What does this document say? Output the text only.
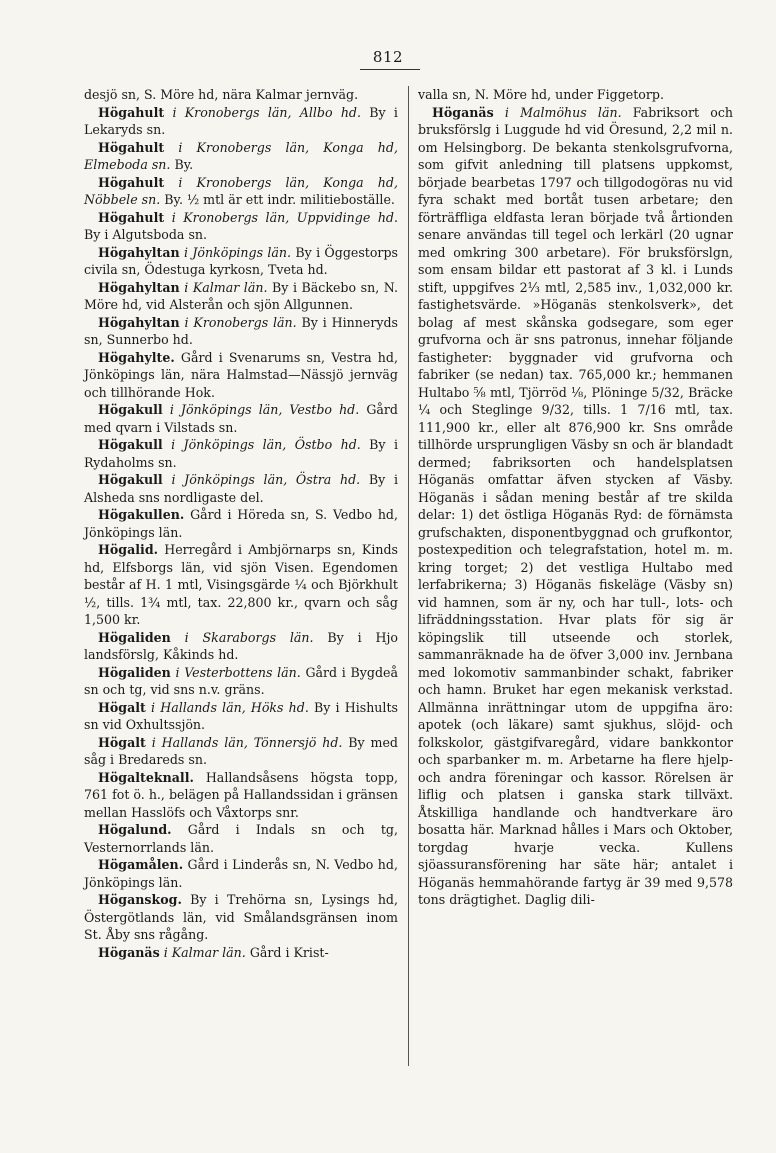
812

desjö sn, S. Möre hd, nära Kalmar jernväg.

Högahult i Kronobergs län, Allbo hd. By i Lekaryds sn.

Högahult i Kronobergs län, Konga hd, Elmeboda sn. By.

Högahult i Kronobergs län, Konga hd, Nöbbele sn. By. ½ mtl är ett indr. militieboställe.

Högahult i Kronobergs län, Uppvidinge hd. By i Algutsboda sn.

Högahyltan i Jönköpings län. By i Öggestorps civila sn, Ödestuga kyrkosn, Tveta hd.

Högahyltan i Kalmar län. By i Bäckebo sn, N. Möre hd, vid Alsterån och sjön Allgunnen.

Högahyltan i Kronobergs län. By i Hinneryds sn, Sunnerbo hd.

Högahylte. Gård i Svenarums sn, Vestra hd, Jönköpings län, nära Halmstad—Nässjö jernväg och tillhörande Hok.

Högakull i Jönköpings län, Vestbo hd. Gård med qvarn i Vilstads sn.

Högakull i Jönköpings län, Östbo hd. By i Rydaholms sn.

Högakull i Jönköpings län, Östra hd. By i Alsheda sns nordligaste del.

Högakullen. Gård i Höreda sn, S. Vedbo hd, Jönköpings län.

Högalid. Herregård i Ambjörnarps sn, Kinds hd, Elfsborgs län, vid sjön Visen. Egendomen består af H. 1 mtl, Visingsgärde ¼ och Björkhult ½, tills. 1¾ mtl, tax. 22,800 kr., qvarn och såg 1,500 kr.

Högaliden i Skaraborgs län. By i Hjo landsförslg, Kåkinds hd.

Högaliden i Vesterbottens län. Gård i Bygdeå sn och tg, vid sns n.v. gräns.

Högalt i Hallands län, Höks hd. By i Hishults sn vid Oxhultssjön.

Högalt i Hallands län, Tönnersjö hd. By med såg i Bredareds sn.

Högalteknall. Hallandsåsens högsta topp, 761 fot ö. h., belägen på Hallandssidan i gränsen mellan Hasslöfs och Våxtorps snr.

Högalund. Gård i Indals sn och tg, Vesternorrlands län.

Högamålen. Gård i Linderås sn, N. Vedbo hd, Jönköpings län.

Höganskog. By i Trehörna sn, Lysings hd, Östergötlands län, vid Smålandsgränsen inom St. Åby sns rågång.

Höganäs i Kalmar län. Gård i Krist-

valla sn, N. Möre hd, under Figgetorp.

Höganäs i Malmöhus län. Fabriksort och bruksförslg i Luggude hd vid Öresund, 2,2 mil n. om Helsingborg. De bekanta stenkolsgrufvorna, som gifvit anledning till platsens uppkomst, började bearbetas 1797 och tillgodogöras nu vid fyra schakt med bortåt tusen arbetare; den förträffliga eldfasta leran började två årtionden senare användas till tegel och lerkärl (20 ugnar med omkring 300 arbetare). För bruksförslgn, som ensam bildar ett pastorat af 3 kl. i Lunds stift, uppgifves 2⅓ mtl, 2,585 inv., 1,032,000 kr. fastighetsvärde. »Höganäs stenkolsverk», det bolag af mest skånska godsegare, som eger grufvorna och är sns patronus, innehar följande fastigheter: byggnader vid grufvorna och fabriker (se nedan) tax. 765,000 kr.; hemmanen Hultabo ⅝ mtl, Tjörröd ⅛, Plöninge 5/32, Bräcke ¼ och Steglinge 9/32, tills. 1 7/16 mtl, tax. 111,900 kr., eller alt 876,900 kr. Sns område tillhörde ursprungligen Väsby sn och är blandadt dermed; fabriksorten och handelsplatsen Höganäs omfattar äfven stycken af Väsby. Höganäs i sådan mening består af tre skilda delar: 1) det östliga Höganäs Ryd: de förnämsta grufschakten, disponentbyggnad och grufkontor, postexpedition och telegrafstation, hotel m. m. kring torget; 2) det vestliga Hultabo med lerfabrikerna; 3) Höganäs fiskeläge (Väsby sn) vid hamnen, som är ny, och har tull-, lots- och lifräddningsstation. Hvar plats för sig är köpingslik till utseende och storlek, sammanräknade ha de öfver 3,000 inv. Jernbana med lokomotiv sammanbinder schakt, fabriker och hamn. Bruket har egen mekanisk verkstad. Allmänna inrättningar utom de uppgifna äro: apotek (och läkare) samt sjukhus, slöjd- och folkskolor, gästgifvaregård, vidare bankkontor och sparbanker m. m. Arbetarne ha flere hjelp- och andra föreningar och kassor. Rörelsen är liflig och platsen i ganska stark tillväxt. Åtskilliga handlande och handtverkare äro bosatta här. Marknad hålles i Mars och Oktober, torgdag hvarje vecka. Kullens sjöassuransförening har säte här; antalet i Höganäs hemmahörande fartyg är 39 med 9,578 tons drägtighet. Daglig dili-
